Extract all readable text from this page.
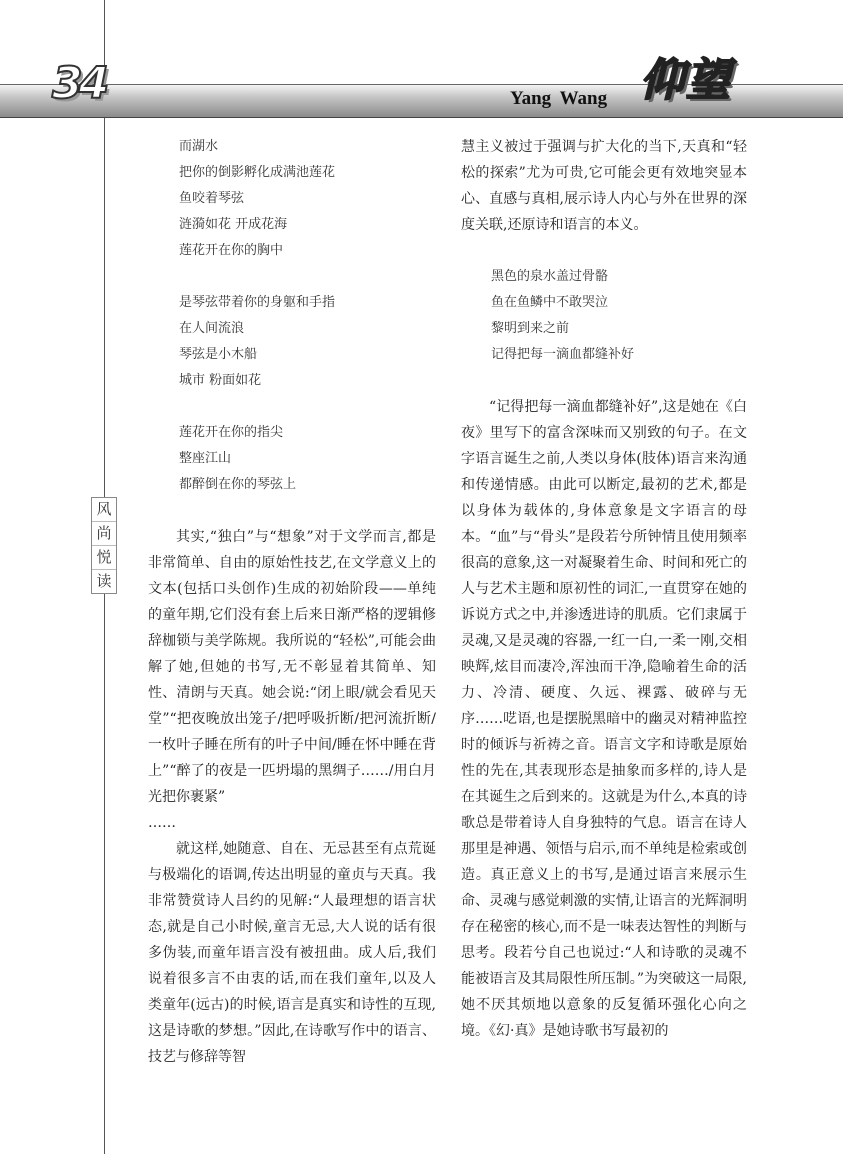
34	Yang Wang 仰望
风
尚
悦
读
而湖水
把你的倒影孵化成满池莲花
鱼咬着琴弦
涟漪如花 开成花海
莲花开在你的胸中
是琴弦带着你的身躯和手指
在人间流浪
琴弦是小木船
城市 粉面如花
莲花开在你的指尖
整座江山
都醉倒在你的琴弦上

其实,“独白”与“想象”对于文学而言,都是非常简单、自由的原始性技艺,在文学意义上的文本(包括口头创作)生成的初始阶段——单纯的童年期,它们没有套上后来日渐严格的逻辑修辞枷锁与美学陈规。我所说的“轻松”,可能会曲解了她,但她的书写,无不彰显着其简单、知性、清朗与天真。她会说:“闭上眼/就会看见天堂”“把夜晚放出笼子/把呼吸折断/把河流折断/一枚叶子睡在所有的叶子中间/睡在怀中睡在背上”“醉了的夜是一匹坍塌的黑绸子……/用白月光把你裹紧”

……

就这样,她随意、自在、无忌甚至有点荒诞与极端化的语调,传达出明显的童贞与天真。我非常赞赏诗人吕约的见解:“人最理想的语言状态,就是自己小时候,童言无忌,大人说的话有很多伪装,而童年语言没有被扭曲。成人后,我们说着很多言不由衷的话,而在我们童年,以及人类童年(远古)的时候,语言是真实和诗性的互现,这是诗歌的梦想。”因此,在诗歌写作中的语言、技艺与修辞等智

慧主义被过于强调与扩大化的当下,天真和“轻松的探索”尤为可贵,它可能会更有效地突显本心、直感与真相,展示诗人内心与外在世界的深度关联,还原诗和语言的本义。

黑色的泉水盖过骨骼
鱼在鱼鳞中不敢哭泣
黎明到来之前
记得把每一滴血都缝补好

“记得把每一滴血都缝补好”,这是她在《白夜》里写下的富含深味而又别致的句子。在文字语言诞生之前,人类以身体(肢体)语言来沟通和传递情感。由此可以断定,最初的艺术,都是以身体为载体的,身体意象是文字语言的母本。“血”与“骨头”是段若兮所钟情且使用频率很高的意象,这一对凝聚着生命、时间和死亡的人与艺术主题和原初性的词汇,一直贯穿在她的诉说方式之中,并渗透进诗的肌质。它们隶属于灵魂,又是灵魂的容器,一红一白,一柔一刚,交相映辉,炫目而凄冷,浑浊而干净,隐喻着生命的活力、冷清、硬度、久远、裸露、破碎与无序……呓语,也是摆脱黑暗中的幽灵对精神监控时的倾诉与祈祷之音。语言文字和诗歌是原始性的先在,其表现形态是抽象而多样的,诗人是在其诞生之后到来的。这就是为什么,本真的诗歌总是带着诗人自身独特的气息。语言在诗人那里是神遇、领悟与启示,而不单纯是检索或创造。真正意义上的书写,是通过语言来展示生命、灵魂与感觉刺激的实情,让语言的光辉洞明存在秘密的核心,而不是一味表达智性的判断与思考。段若兮自己也说过:“人和诗歌的灵魂不能被语言及其局限性所压制。”为突破这一局限,她不厌其烦地以意象的反复循环强化心向之境。《幻·真》是她诗歌书写最初的
